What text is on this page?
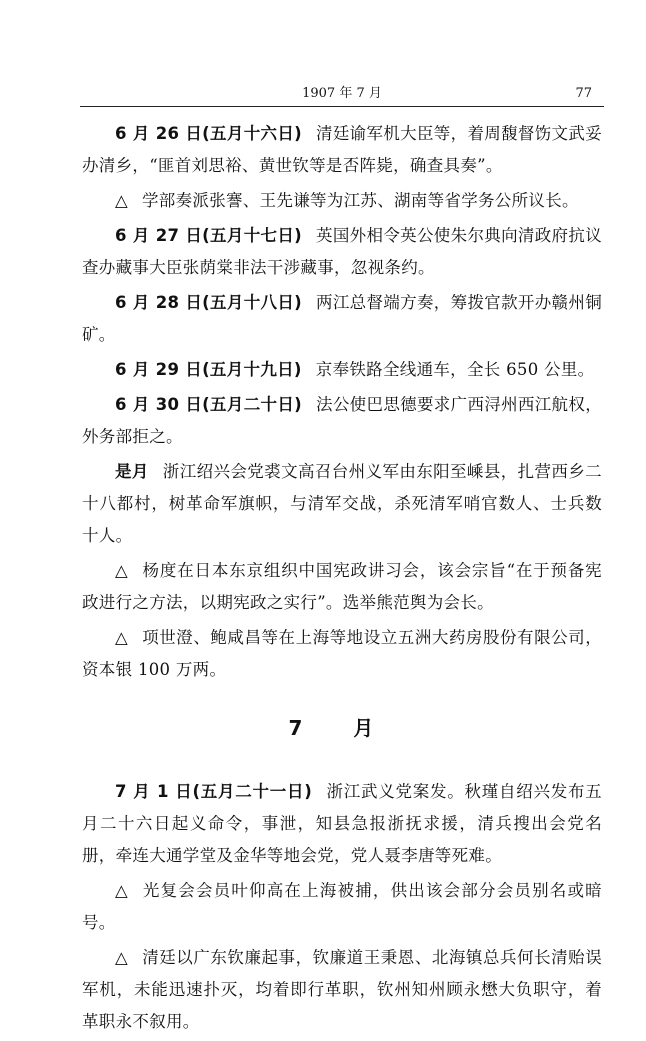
1907 年 7 月	77

6 月 26 日(五月十六日) 清廷谕军机大臣等，着周馥督饬文武妥办清乡，“匪首刘思裕、黄世钦等是否阵毙，确查具奏”。

△ 学部奏派张謇、王先谦等为江苏、湖南等省学务公所议长。

6 月 27 日(五月十七日) 英国外相令英公使朱尔典向清政府抗议查办藏事大臣张荫棠非法干涉藏事，忽视条约。

6 月 28 日(五月十八日) 两江总督端方奏，筹拨官款开办赣州铜矿。

6 月 29 日(五月十九日) 京奉铁路全线通车，全长 650 公里。

6 月 30 日(五月二十日) 法公使巴思德要求广西浔州西江航权，外务部拒之。

是月 浙江绍兴会党裘文高召台州义军由东阳至嵊县，扎营西乡二十八都村，树革命军旗帜，与清军交战，杀死清军哨官数人、士兵数十人。

△ 杨度在日本东京组织中国宪政讲习会，该会宗旨“在于预备宪政进行之方法，以期宪政之实行”。选举熊范舆为会长。

△ 项世澄、鲍咸昌等在上海等地设立五洲大药房股份有限公司，资本银 100 万两。

7 月

7 月 1 日(五月二十一日) 浙江武义党案发。秋瑾自绍兴发布五月二十六日起义命令，事泄，知县急报浙抚求援，清兵搜出会党名册，牵连大通学堂及金华等地会党，党人聂李唐等死难。

△ 光复会会员叶仰高在上海被捕，供出该会部分会员别名或暗号。

△ 清廷以广东钦廉起事，钦廉道王秉恩、北海镇总兵何长清贻误军机，未能迅速扑灭，均着即行革职，钦州知州顾永懋大负职守，着革职永不叙用。
